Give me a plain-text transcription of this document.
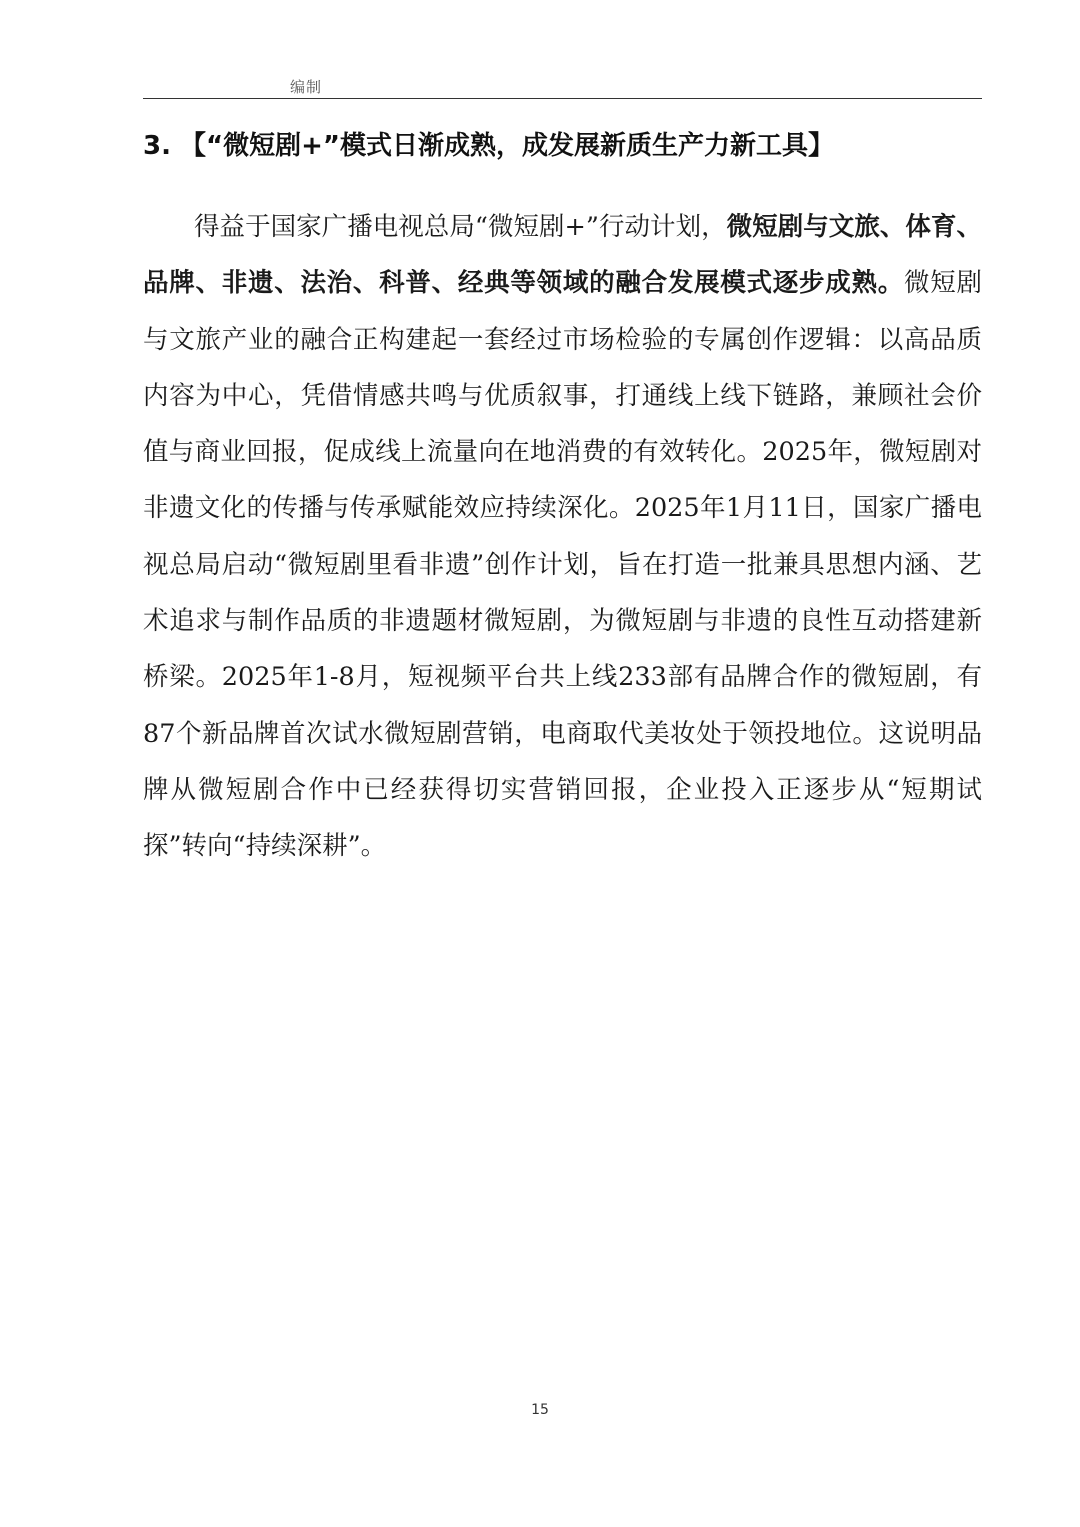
编制
3. 【“微短剧+”模式日渐成熟，成发展新质生产力新工具】

得益于国家广播电视总局“微短剧+”行动计划，微短剧与文旅、体育、品牌、非遗、法治、科普、经典等领域的融合发展模式逐步成熟。微短剧与文旅产业的融合正构建起一套经过市场检验的专属创作逻辑：以高品质内容为中心，凭借情感共鸣与优质叙事，打通线上线下链路，兼顾社会价值与商业回报，促成线上流量向在地消费的有效转化。2025年，微短剧对非遗文化的传播与传承赋能效应持续深化。2025年1月11日，国家广播电视总局启动“微短剧里看非遗”创作计划，旨在打造一批兼具思想内涵、艺术追求与制作品质的非遗题材微短剧，为微短剧与非遗的良性互动搭建新桥梁。2025年1-8月，短视频平台共上线233部有品牌合作的微短剧，有87个新品牌首次试水微短剧营销，电商取代美妆处于领投地位。这说明品牌从微短剧合作中已经获得切实营销回报，企业投入正逐步从“短期试探”转向“持续深耕”。

15
